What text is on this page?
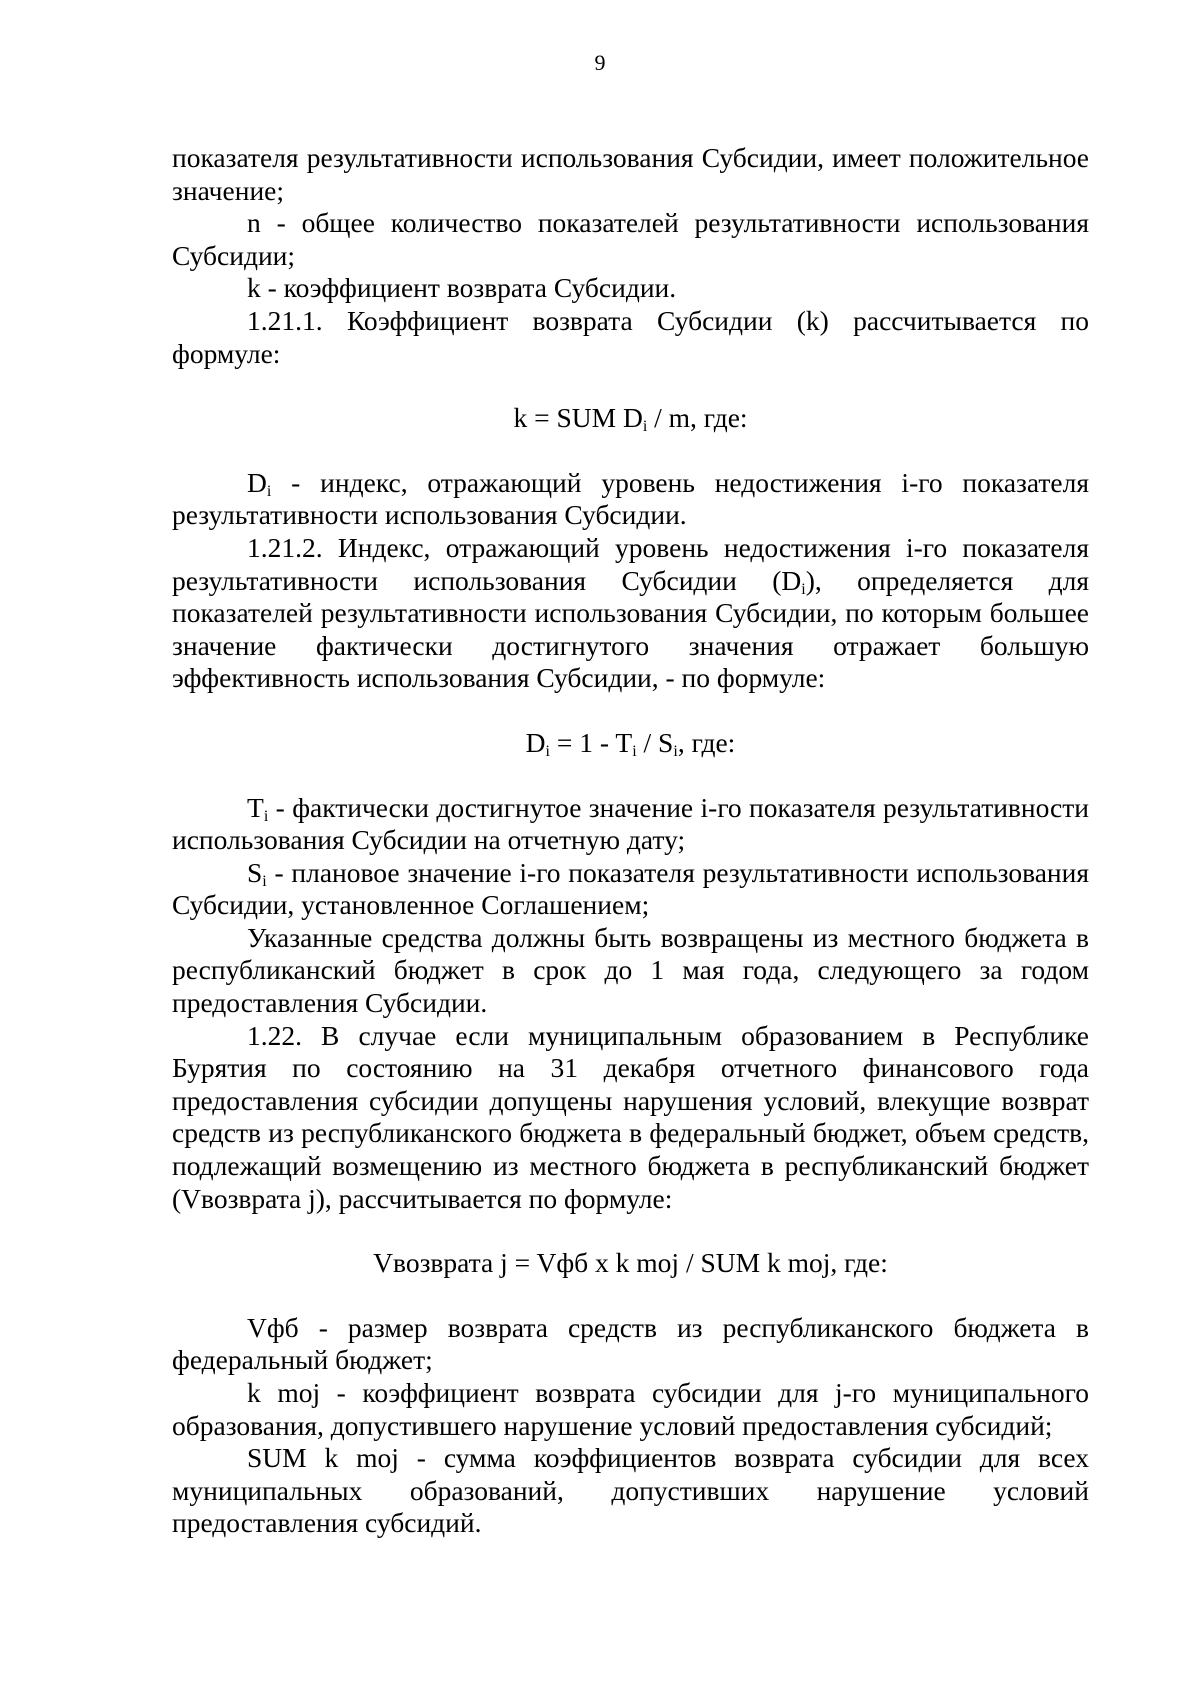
9

показателя результативности использования Субсидии, имеет положительное значение;

n - общее количество показателей результативности использования Субсидии;

k - коэффициент возврата Субсидии.

1.21.1. Коэффициент возврата Субсидии (k) рассчитывается по формуле:

k = SUM $D_i$ / m, где:

$D_i$ - индекс, отражающий уровень недостижения i-го показателя результативности использования Субсидии.

1.21.2. Индекс, отражающий уровень недостижения i-го показателя результативности использования Субсидии $(D_i)$, определяется для показателей результативности использования Субсидии, по которым большее значение фактически достигнутого значения отражает большую эффективность использования Субсидии, - по формуле:

$D_i = 1 - T_i / S_i$, где:

$T_i$ - фактически достигнутое значение i-го показателя результативности использования Субсидии на отчетную дату;

$S_i$ - плановое значение i-го показателя результативности использования Субсидии, установленное Соглашением;

Указанные средства должны быть возвращены из местного бюджета в республиканский бюджет в срок до 1 мая года, следующего за годом предоставления Субсидии.

1.22. В случае если муниципальным образованием в Республике Бурятия по состоянию на 31 декабря отчетного финансового года предоставления субсидии допущены нарушения условий, влекущие возврат средств из республиканского бюджета в федеральный бюджет, объем средств, подлежащий возмещению из местного бюджета в республиканский бюджет (Vвозврата j), рассчитывается по формуле:

Vвозврата j = Vфб x k moj / SUM k moj, где:

Vфб - размер возврата средств из республиканского бюджета в федеральный бюджет;

k moj - коэффициент возврата субсидии для j-го муниципального образования, допустившего нарушение условий предоставления субсидий;

SUM k moj - сумма коэффициентов возврата субсидии для всех муниципальных образований, допустивших нарушение условий предоставления субсидий.
